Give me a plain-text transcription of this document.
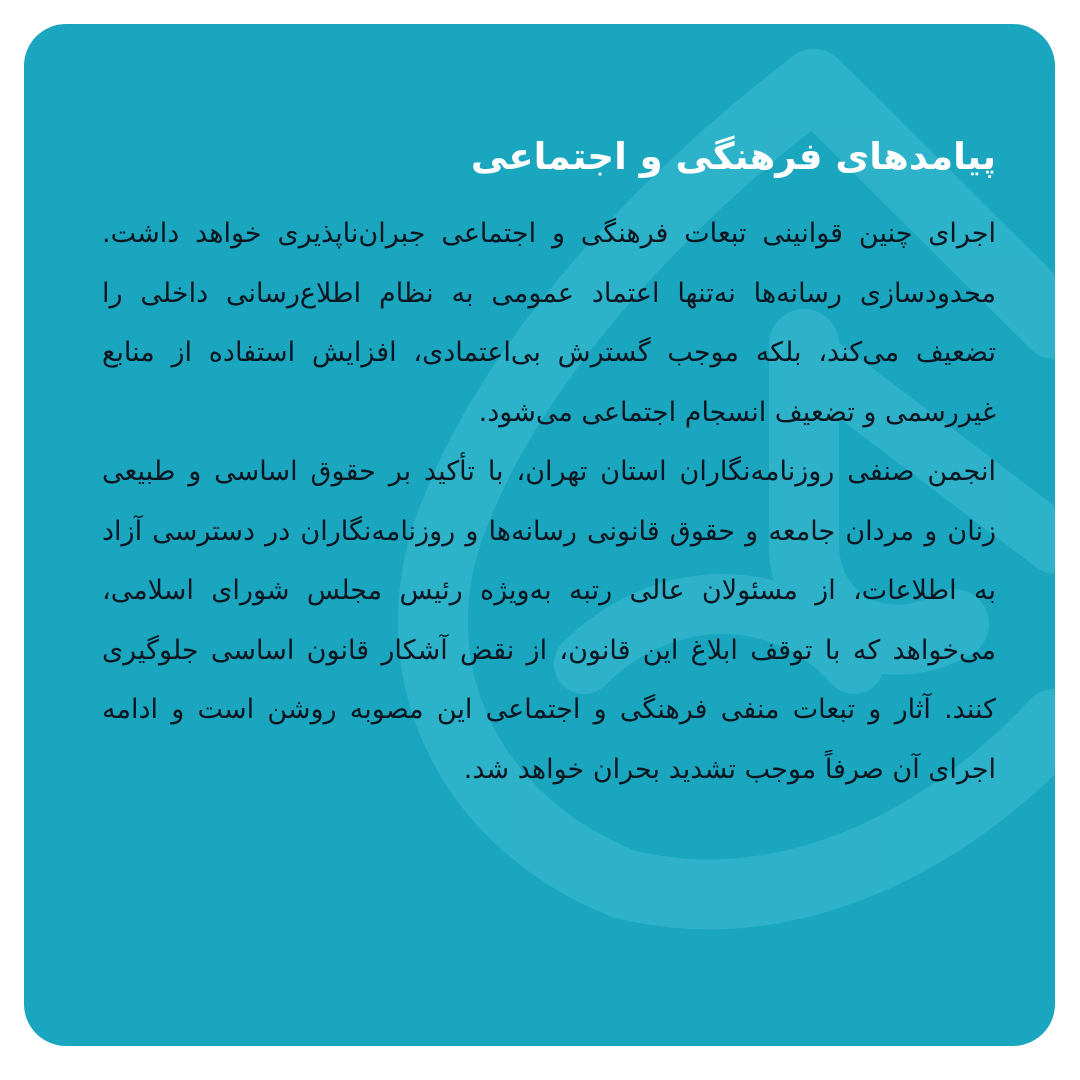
پیامدهای فرهنگی و اجتماعی

اجرای چنین قوانینی تبعات فرهنگی و اجتماعی جبران‌ناپذیری خواهد داشت. محدودسازی رسانه‌ها نه‌تنها اعتماد عمومی به نظام اطلاع‌رسانی داخلی را تضعیف می‌کند، بلکه موجب گسترش بی‌اعتمادی، افزایش استفاده از منابع غیررسمی و تضعیف انسجام اجتماعی می‌شود.

انجمن صنفی روزنامه‌نگاران استان تهران، با تأکید بر حقوق اساسی و طبیعی زنان و مردان جامعه و حقوق قانونی رسانه‌ها و روزنامه‌نگاران در دسترسی آزاد به اطلاعات، از مسئولان عالی رتبه به‌ویژه رئیس مجلس شورای اسلامی، می‌خواهد که با توقف ابلاغ این قانون، از نقض آشکار قانون اساسی جلوگیری کنند. آثار و تبعات منفی فرهنگی و اجتماعی این مصوبه روشن است و ادامه اجرای آن صرفاً موجب تشدید بحران خواهد شد.
